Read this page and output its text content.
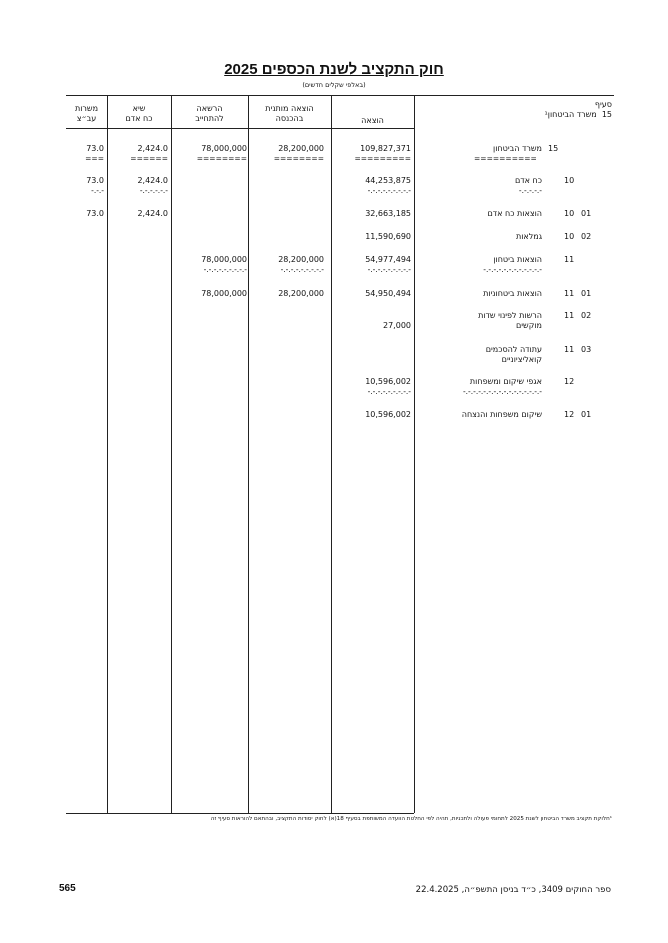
חוק התקציב לשנת הכספים 2025
(באלפי שקלים חדשים)
סעיף
15  משרד הביטחון¹
הוצאה
הוצאה מותנית
בהכנסה
הרשאה
להתחייב
שיא
כח אדם
משרות
עב״צ
15
משרד הביטחון
==========
109,827,371
=========
28,200,000
========
78,000,000
========
2,424.0
======
73.0
===
10
כח אדם
-.-.-.-.-
44,253,875
-.-.-.-.-.-.-.-.-
2,424.0
-.-.-.-.-.-
73.0
-.-.-
10 01
הוצאות כח אדם
32,663,185
2,424.0
73.0
10 02
גמלאות
11,590,690
11
הוצאות ביטחון
-.-.-.-.-.-.-.-.-.-.-.-
54,977,494
-.-.-.-.-.-.-.-.-
28,200,000
-.-.-.-.-.-.-.-.-
78,000,000
-.-.-.-.-.-.-.-.-
11 01
הוצאות ביטחוניות
54,950,494
28,200,000
78,000,000
11 02
הרשות לפינוי שדות
מוקשים
27,000
11 03
עתודה להסכמים
קואליציוניים
12
אגפי שיקום ומשפחות
-.-.-.-.-.-.-.-.-.-.-.-.-.-.-.-
10,596,002
-.-.-.-.-.-.-.-.-
12 01
שיקום משפחות והנצחה
10,596,002
¹חלוקת תקציב משרד הביטחון לשנת 2025 לתחומי פעולה ולתכניות, תהיה לפי החלטת הוועדה המשותפת בסעיף 18(א) לחוק יסודות התקציב, ובהתאם להוראות סעיף זה
ספר החוקים 3409, כ״ד בניסן התשפ״ה, 22.4.2025
565
